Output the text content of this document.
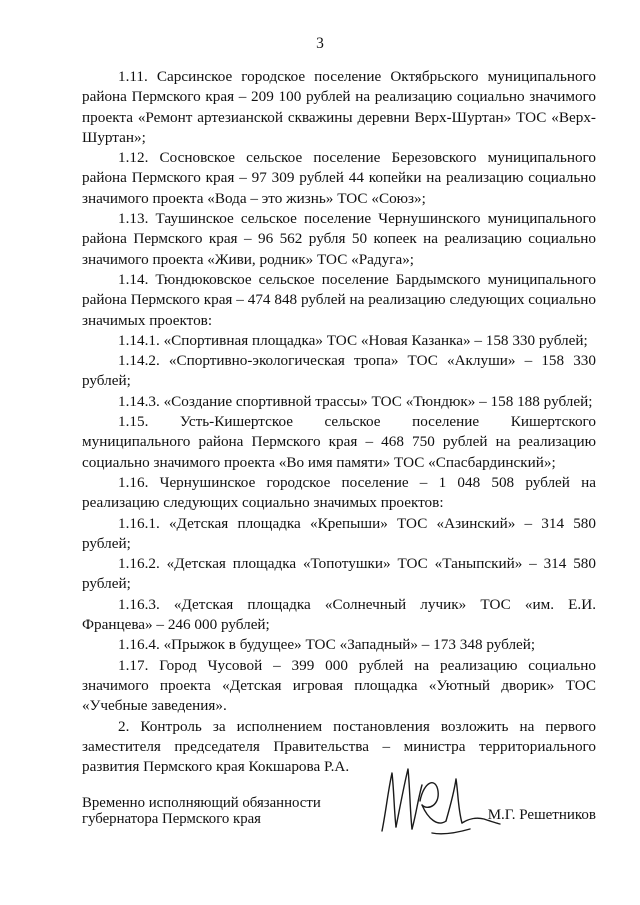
3

1.11. Сарсинское городское поселение Октябрьского муниципального района Пермского края – 209 100 рублей на реализацию социально значимого проекта «Ремонт артезианской скважины деревни Верх-Шуртан» ТОС «Верх-Шуртан»;

1.12. Сосновское сельское поселение Березовского муниципального района Пермского края – 97 309 рублей 44 копейки на реализацию социально значимого проекта «Вода – это жизнь» ТОС «Союз»;

1.13. Таушинское сельское поселение Чернушинского муниципального района Пермского края – 96 562 рубля 50 копеек на реализацию социально значимого проекта «Живи, родник» ТОС «Радуга»;

1.14. Тюндюковское сельское поселение Бардымского муниципального района Пермского края – 474 848 рублей на реализацию следующих социально значимых проектов:

1.14.1. «Спортивная площадка» ТОС «Новая Казанка» – 158 330 рублей;

1.14.2. «Спортивно-экологическая тропа» ТОС «Аклуши» – 158 330 рублей;

1.14.3. «Создание спортивной трассы» ТОС «Тюндюк» – 158 188 рублей;

1.15. Усть-Кишертское сельское поселение Кишертского муниципального района Пермского края – 468 750 рублей на реализацию социально значимого проекта «Во имя памяти» ТОС «Спасбардинский»;

1.16. Чернушинское городское поселение – 1 048 508 рублей на реализацию следующих социально значимых проектов:

1.16.1. «Детская площадка «Крепыши» ТОС «Азинский» – 314 580 рублей;

1.16.2. «Детская площадка «Топотушки» ТОС «Таныпский» – 314 580 рублей;

1.16.3. «Детская площадка «Солнечный лучик» ТОС «им. Е.И. Францева» – 246 000 рублей;

1.16.4. «Прыжок в будущее» ТОС «Западный» – 173 348 рублей;

1.17. Город Чусовой – 399 000 рублей на реализацию социально значимого проекта «Детская игровая площадка «Уютный дворик» ТОС «Учебные заведения».

2. Контроль за исполнением постановления возложить на первого заместителя председателя Правительства – министра территориального развития Пермского края Кокшарова Р.А.

Временно исполняющий обязанности
губернатора Пермского края	М.Г. Решетников
